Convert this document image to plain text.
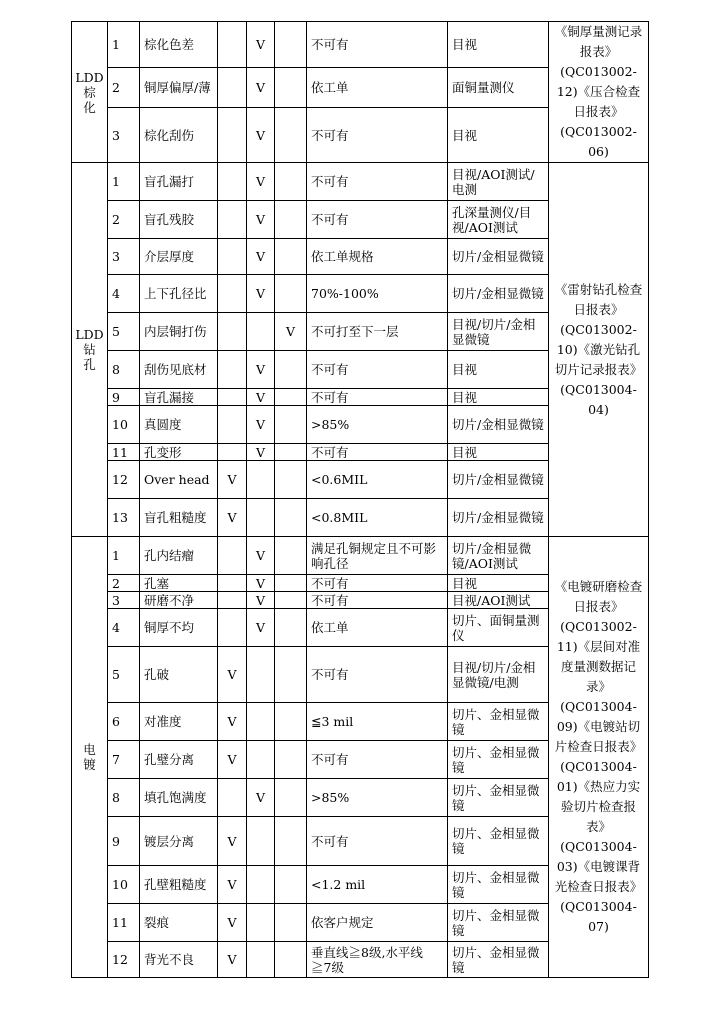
LDD
棕
化	1	棕化色差		V		不可有	目视	《铜厚量测记录报表》(QC013002-12)《压合检查日报表》(QC013002-06)
	2	铜厚偏厚/薄		V		依工单	面铜量测仪	
	3	棕化刮伤		V		不可有	目视	

LDD
钻
孔	1	盲孔漏打		V		不可有	目视/AOI测试/电测	《雷射钻孔检查日报表》(QC013002-10)《激光钻孔切片记录报表》(QC013004-04)
	2	盲孔残胶		V		不可有	孔深量测仪/目视/AOI测试	
	3	介层厚度		V		依工单规格	切片/金相显微镜	
	4	上下孔径比		V		70%-100%	切片/金相显微镜	
	5	内层铜打伤			V	不可打至下一层	目视/切片/金相显微镜	
	8	刮伤见底材		V		不可有	目视	
	9	盲孔漏接		V		不可有	目视	
	10	真圆度		V		>85%	切片/金相显微镜	
	11	孔变形		V		不可有	目视	
	12	Over head	V			<0.6MIL	切片/金相显微镜	
	13	盲孔粗糙度	V			<0.8MIL	切片/金相显微镜	

电
镀	1	孔内结瘤		V		满足孔铜规定且不可影响孔径	切片/金相显微镜/AOI测试	《电镀研磨检查日报表》(QC013002-11)《层间对准度量测数据记录》(QC013004-09)《电镀站切片检查日报表》(QC013004-01)《热应力实验切片检查报表》(QC013004-03)《电镀课背光检查日报表》(QC013004-07)
	2	孔塞		V		不可有	目视	
	3	研磨不净		V		不可有	目视/AOI测试	
	4	铜厚不均		V		依工单	切片、面铜量测仪	
	5	孔破	V			不可有	目视/切片/金相显微镜/电测	
	6	对准度	V			≦3 mil	切片、金相显微镜	
	7	孔璧分离	V			不可有	切片、金相显微镜	
	8	填孔饱满度		V		>85%	切片、金相显微镜	
	9	镀层分离	V			不可有	切片、金相显微镜	
	10	孔壁粗糙度	V			<1.2 mil	切片、金相显微镜	
	11	裂痕	V			依客户规定	切片、金相显微镜	
	12	背光不良	V			垂直线≧8级,水平线≧7级	切片、金相显微镜	
